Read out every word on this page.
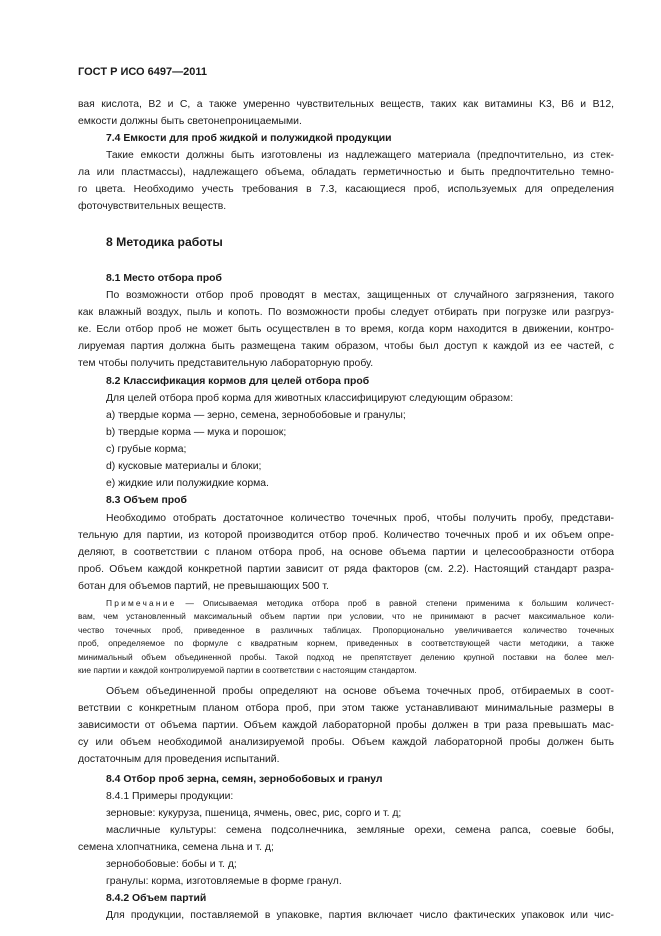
ГОСТ Р ИСО 6497—2011

вая кислота, B2 и C, а также умеренно чувствительных веществ, таких как витамины K3, B6 и B12,

емкости должны быть светонепроницаемыми.

7.4 Емкости для проб жидкой и полужидкой продукции

Такие емкости должны быть изготовлены из надлежащего материала (предпочтительно, из стек-

ла или пластмассы), надлежащего объема, обладать герметичностью и быть предпочтительно темно-

го цвета. Необходимо учесть требования в 7.3, касающиеся проб, используемых для определения

фоточувствительных веществ.

8 Методика работы
8.1 Место отбора проб

По возможности отбор проб проводят в местах, защищенных от случайного загрязнения, такого

как влажный воздух, пыль и копоть. По возможности пробы следует отбирать при погрузке или разгруз-

ке. Если отбор проб не может быть осуществлен в то время, когда корм находится в движении, контро-

лируемая партия должна быть размещена таким образом, чтобы был доступ к каждой из ее частей, с

тем чтобы получить представительную лабораторную пробу.

8.2 Классификация кормов для целей отбора проб

Для целей отбора проб корма для животных классифицируют следующим образом:

a) твердые корма — зерно, семена, зернобобовые и гранулы;

b) твердые корма — мука и порошок;

c) грубые корма;

d) кусковые материалы и блоки;

e) жидкие или полужидкие корма.

8.3 Объем проб

Необходимо отобрать достаточное количество точечных проб, чтобы получить пробу, представи-

тельную для партии, из которой производится отбор проб. Количество точечных проб и их объем опре-

деляют, в соответствии с планом отбора проб, на основе объема партии и целесообразности отбора

проб. Объем каждой конкретной партии зависит от ряда факторов (см. 2.2). Настоящий стандарт разра-

ботан для объемов партий, не превышающих 500 т.

Примечание — Описываемая методика отбора проб в равной степени применима к большим количест-

вам, чем установленный максимальный объем партии при условии, что не принимают в расчет максимальное коли-

чество точечных проб, приведенное в различных таблицах. Пропорционально увеличивается количество точечных

проб, определяемое по формуле с квадратным корнем, приведенных в соответствующей части методики, а также

минимальный объем объединенной пробы. Такой подход не препятствует делению крупной поставки на более мел-

кие партии и каждой контролируемой партии в соответствии с настоящим стандартом.

Объем объединенной пробы определяют на основе объема точечных проб, отбираемых в соот-

ветствии с конкретным планом отбора проб, при этом также устанавливают минимальные размеры в

зависимости от объема партии. Объем каждой лабораторной пробы должен в три раза превышать мас-

су или объем необходимой анализируемой пробы. Объем каждой лабораторной пробы должен быть

достаточным для проведения испытаний.

8.4 Отбор проб зерна, семян, зернобобовых и гранул

8.4.1 Примеры продукции:

зерновые: кукуруза, пшеница, ячмень, овес, рис, сорго и т. д;

масличные культуры: семена подсолнечника, земляные орехи, семена рапса, соевые бобы,

семена хлопчатника, семена льна и т. д;

зернобобовые: бобы и т. д;

гранулы: корма, изготовляемые в форме гранул.

8.4.2 Объем партий

Для продукции, поставляемой в упаковке, партия включает число фактических упаковок или чис-
